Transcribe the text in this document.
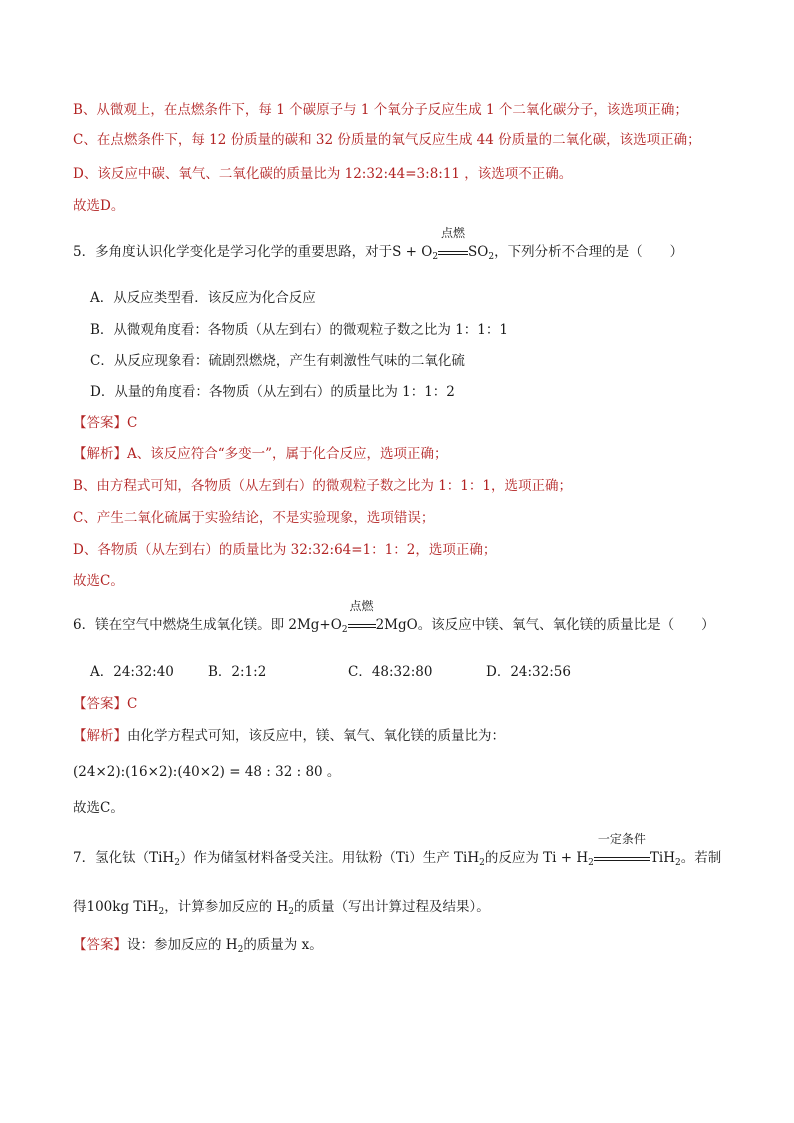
B、从微观上，在点燃条件下，每 1 个碳原子与 1 个氧分子反应生成 1 个二氧化碳分子，该选项正确；
C、在点燃条件下，每 12 份质量的碳和 32 份质量的氧气反应生成 44 份质量的二氧化碳，该选项正确；
D、该反应中碳、氧气、二氧化碳的质量比为 12:32:44=3:8:11 ，该选项不正确。
故选D。
5．多角度认识化学变化是学习化学的重要思路，对于$S + O_2$
点燃
$SO_2$，下列分析不合理的是（　　）
A．从反应类型看．该反应为化合反应
B．从微观角度看：各物质（从左到右）的微观粒子数之比为 1：1：1
C．从反应现象看：硫剧烈燃烧，产生有刺激性气味的二氧化硫
D．从量的角度看：各物质（从左到右）的质量比为 1：1：2
【答案】C
【解析】A、该反应符合“多变一”，属于化合反应，选项正确；
B、由方程式可知，各物质（从左到右）的微观粒子数之比为 1：1：1，选项正确；
C、产生二氧化硫属于实验结论，不是实验现象，选项错误；
D、各物质（从左到右）的质量比为 32:32:64=1：1：2，选项正确；
故选C。
6．镁在空气中燃烧生成氧化镁。即 $2Mg+O_2$
点燃
2MgO。该反应中镁、氧气、氧化镁的质量比是（　　）
A．24:32:40	B．2:1:2	C．48:32:80	D．24:32:56
【答案】C
【解析】由化学方程式可知，该反应中，镁、氧气、氧化镁的质量比为：
(24×2):(16×2):(40×2) = 48 : 32 : 80 。
故选C。
7．氢化钛（TiH$_2$）作为储氢材料备受关注。用钛粉（Ti）生产 TiH$_2$的反应为 $Ti + H_2$
一定条件
TiH$_2$。若制
得100kg TiH$_2$，计算参加反应的 $H_2$的质量（写出计算过程及结果）。
【答案】设：参加反应的 $H_2$的质量为 x。
